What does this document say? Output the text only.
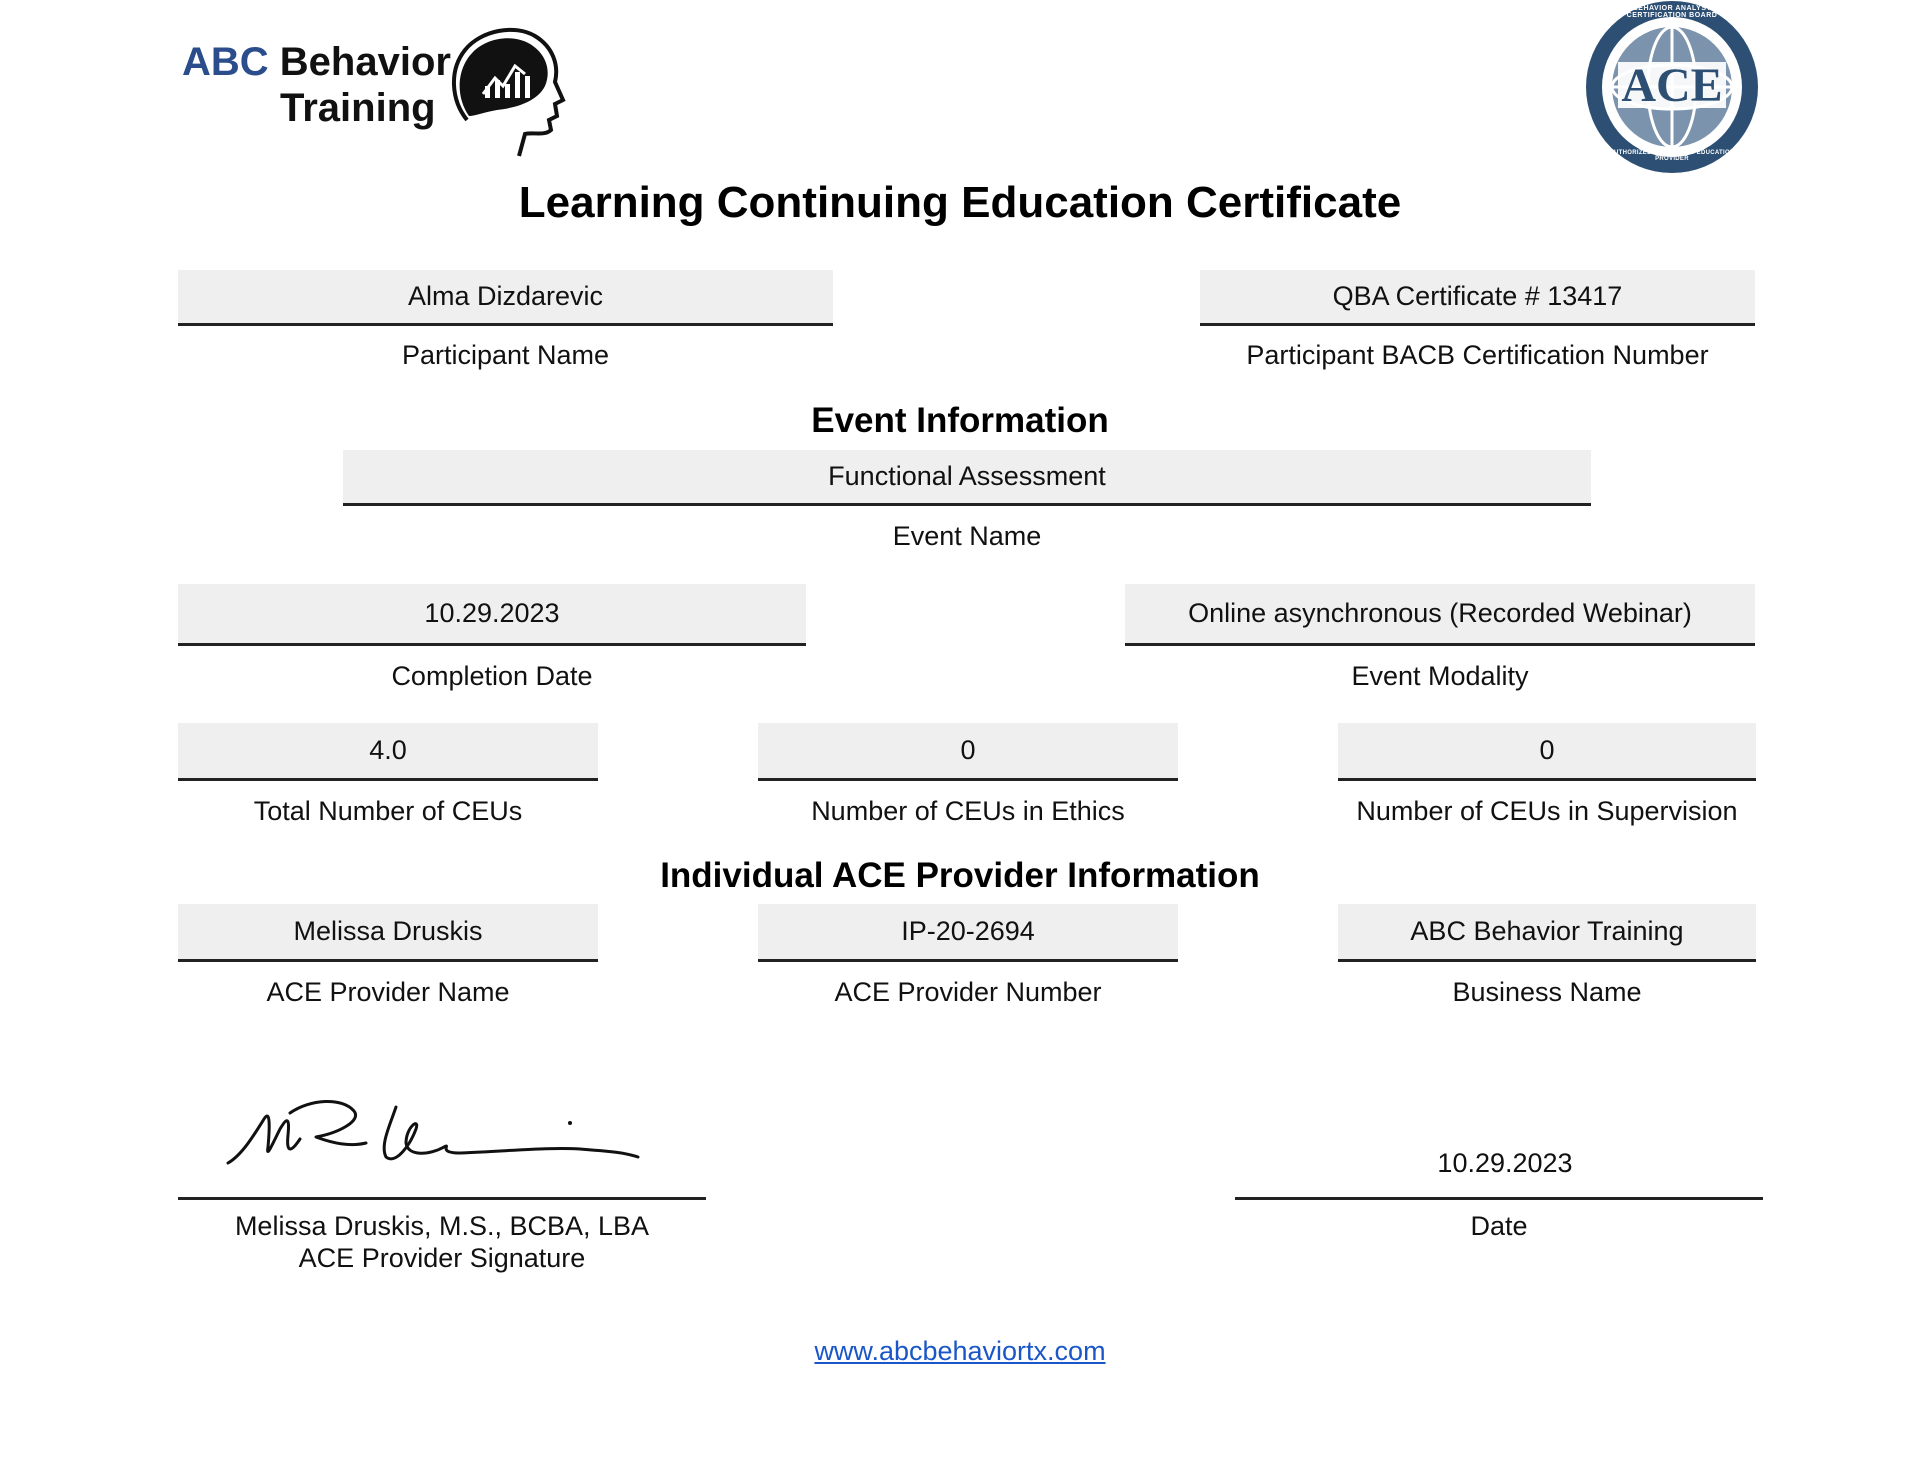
ABC Behavior
Training	ACE
BEHAVIOR ANALYST CERTIFICATION BOARD
AUTHORIZED CONTINUING EDUCATION PROVIDER
Learning Continuing Education Certificate
Alma Dizdarevic
Participant Name
QBA Certificate # 13417
Participant BACB Certification Number
Event Information
Functional Assessment
Event Name
10.29.2023
Completion Date
Online asynchronous (Recorded Webinar)
Event Modality
4.0
Total Number of CEUs
0
Number of CEUs in Ethics
0
Number of CEUs in Supervision
Individual ACE Provider Information
Melissa Druskis
ACE Provider Name
IP-20-2694
ACE Provider Number
ABC Behavior Training
Business Name
Melissa Druskis, M.S., BCBA, LBA
ACE Provider Signature
10.29.2023
Date
www.abcbehaviortx.com
